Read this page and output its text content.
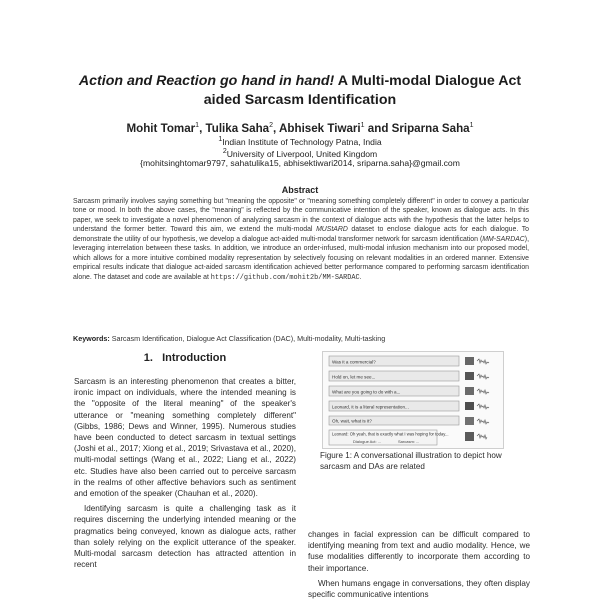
Action and Reaction go hand in hand! A Multi-modal Dialogue Act
aided Sarcasm Identification
Mohit Tomar$^1$, Tulika Saha$^2$, Abhisek Tiwari$^1$ and Sriparna Saha$^1$
$^1$Indian Institute of Technology Patna, India
$^2$University of Liverpool, United Kingdom
{mohitsinghtomar9797, sahatulika15, abhisektiwari2014, sriparna.saha}@gmail.com
Abstract
Sarcasm primarily involves saying something but "meaning the opposite" or "meaning something completely different" in order to convey a particular tone or mood. In both the above cases, the "meaning" is reflected by the communicative intention of the speaker, known as dialogue acts. In this paper, we seek to investigate a novel phenomenon of analyzing sarcasm in the context of dialogue acts with the hypothesis that the latter helps to understand the former better. Toward this aim, we extend the multi-modal MUStARD dataset to enclose dialogue acts for each dialogue. To demonstrate the utility of our hypothesis, we develop a dialogue act-aided multi-modal transformer network for sarcasm identification (MM-SARDAC), leveraging interrelation between these tasks. In addition, we introduce an order-infused, multi-modal infusion mechanism into our proposed model, which allows for a more intuitive combined modality representation by selectively focusing on relevant modalities in an ordered manner. Extensive empirical results indicate that dialogue act-aided sarcasm identification achieved better performance compared to performing sarcasm identification alone. The dataset and code are available at https://github.com/mohit2b/MM-SARDAC.
Keywords: Sarcasm Identification, Dialogue Act Classification (DAC), Multi-modality, Multi-tasking
1. Introduction

Sarcasm is an interesting phenomenon that creates a bitter, ironic impact on individuals, where the intended meaning is the "opposite of the literal meaning" of the speaker's utterance or "meaning something completely different" (Gibbs, 1986; Dews and Winner, 1995). Numerous studies have been conducted to detect sarcasm in textual settings (Joshi et al., 2017; Xiong et al., 2019; Srivastava et al., 2020), multi-modal settings (Wang et al., 2022; Liang et al., 2022) etc. Studies have also been carried out to perceive sarcasm in the realms of other affective behaviors such as sentiment and emotion of the speaker (Chauhan et al., 2020).

Identifying sarcasm is quite a challenging task as it requires discerning the underlying intended meaning or the pragmatics being conveyed, known as dialogue acts, rather than solely relying on the explicit utterance of the speaker. Multi-modal sarcasm detection has attracted attention in recent

Was it a commercial?
Hold on, let me see...
What are you going to do with a...
Leonard, it is a literal representation...
Oh, wait, what is it?
Leonard: Oh yeah, that is exactly what I was hoping for today...
Dialogue Act: ...	Sarcasm: ...
Figure 1: A conversational illustration to depict how sarcasm and DAs are related

changes in facial expression can be difficult compared to identifying meaning from text and audio modality. Hence, we fuse modalities differently to incorporate them according to their importance.

When humans engage in conversations, they often display specific communicative intentions
